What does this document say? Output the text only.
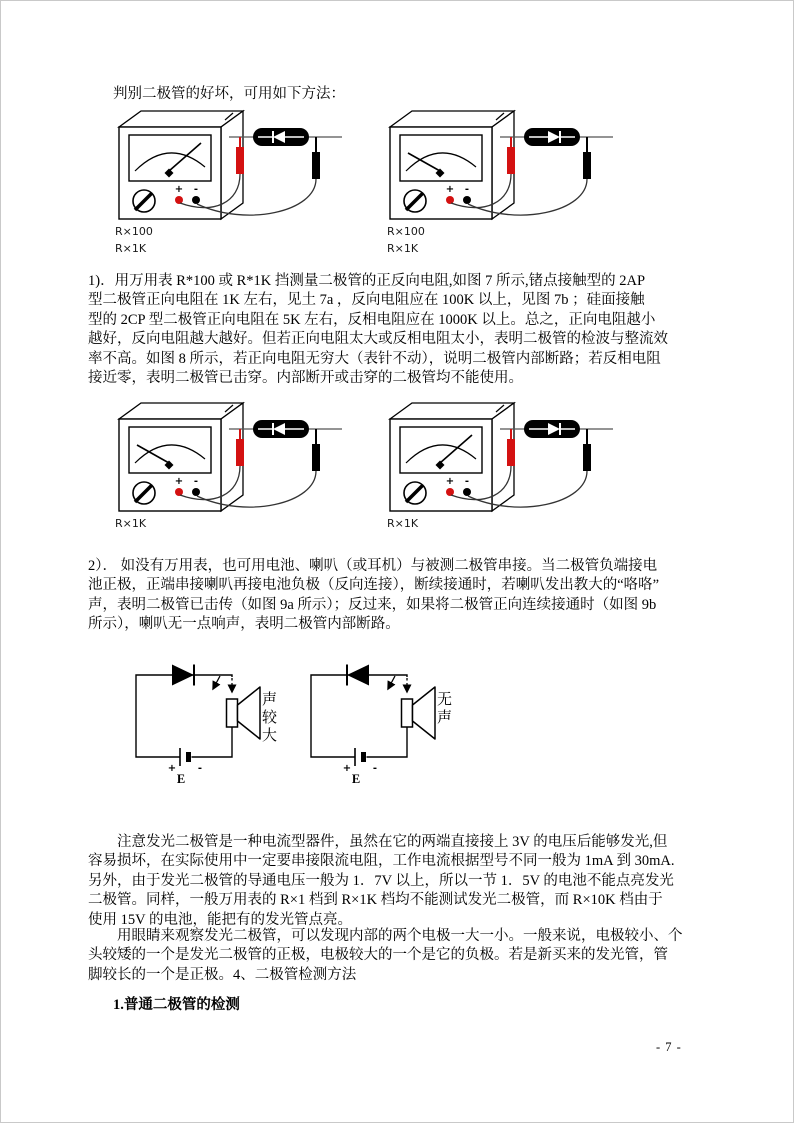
判别二极管的好坏，可用如下方法：
+ -
R×100
R×1K
+ -
R×100
R×1K
1)．用万用表 R*100 或 R*1K 挡测量二极管的正反向电阻,如图 7 所示,锗点接触型的 2AP
型二极管正向电阻在 1K 左右，见土 7a ，反向电阻应在 100K 以上，见图 7b ；硅面接触
型的 2CP 型二极管正向电阻在 5K 左右，反相电阻应在 1000K 以上。总之，正向电阻越小
越好，反向电阻越大越好。但若正向电阻太大或反相电阻太小，表明二极管的检波与整流效
率不高。如图 8 所示，若正向电阻无穷大（表针不动），说明二极管内部断路；若反相电阻
接近零，表明二极管已击穿。内部断开或击穿的二极管均不能使用。
+ -
R×1K
+ -
R×1K
2）． 如没有万用表，也可用电池、喇叭（或耳机）与被测二极管串接。当二极管负端接电
池正极，正端串接喇叭再接电池负极（反向连接），断续接通时，若喇叭发出教大的“咯咯”
声，表明二极管已击传（如图 9a 所示）；反过来，如果将二极管正向连续接通时（如图 9b
所示），喇叭无一点响声，表明二极管内部断路。
+ -
E
声较大
+ -
E
无声
注意发光二极管是一种电流型器件，虽然在它的两端直接接上 3V 的电压后能够发光,但
容易损坏，在实际使用中一定要串接限流电阻，工作电流根据型号不同一般为 1mA 到 30mA.
另外，由于发光二极管的导通电压一般为 1．7V 以上，所以一节 1．5V 的电池不能点亮发光
二极管。同样，一般万用表的 R×1 档到 R×1K 档均不能测试发光二极管，而 R×10K 档由于
使用 15V 的电池，能把有的发光管点亮。
用眼睛来观察发光二极管，可以发现内部的两个电极一大一小。一般来说，电极较小、个
头较矮的一个是发光二极管的正极，电极较大的一个是它的负极。若是新买来的发光管，管
脚较长的一个是正极。4、二极管检测方法
1.普通二极管的检测
- 7 -
